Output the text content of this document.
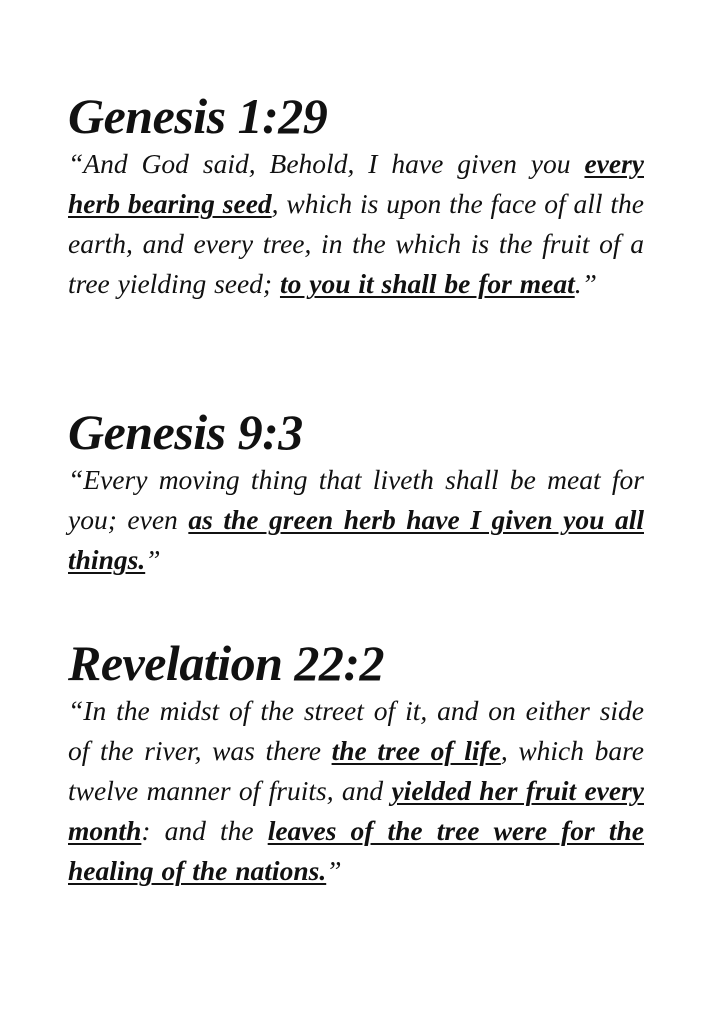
Genesis 1:29

“And God said, Behold, I have given you every herb bearing seed, which is upon the face of all the earth, and every tree, in the which is the fruit of a tree yielding seed; to you it shall be for meat.”

Genesis 9:3

“Every moving thing that liveth shall be meat for you; even as the green herb have I given you all things.”

Revelation 22:2

“In the midst of the street of it, and on either side of the river, was there the tree of life, which bare twelve manner of fruits, and yielded her fruit every month: and the leaves of the tree were for the healing of the nations.”
